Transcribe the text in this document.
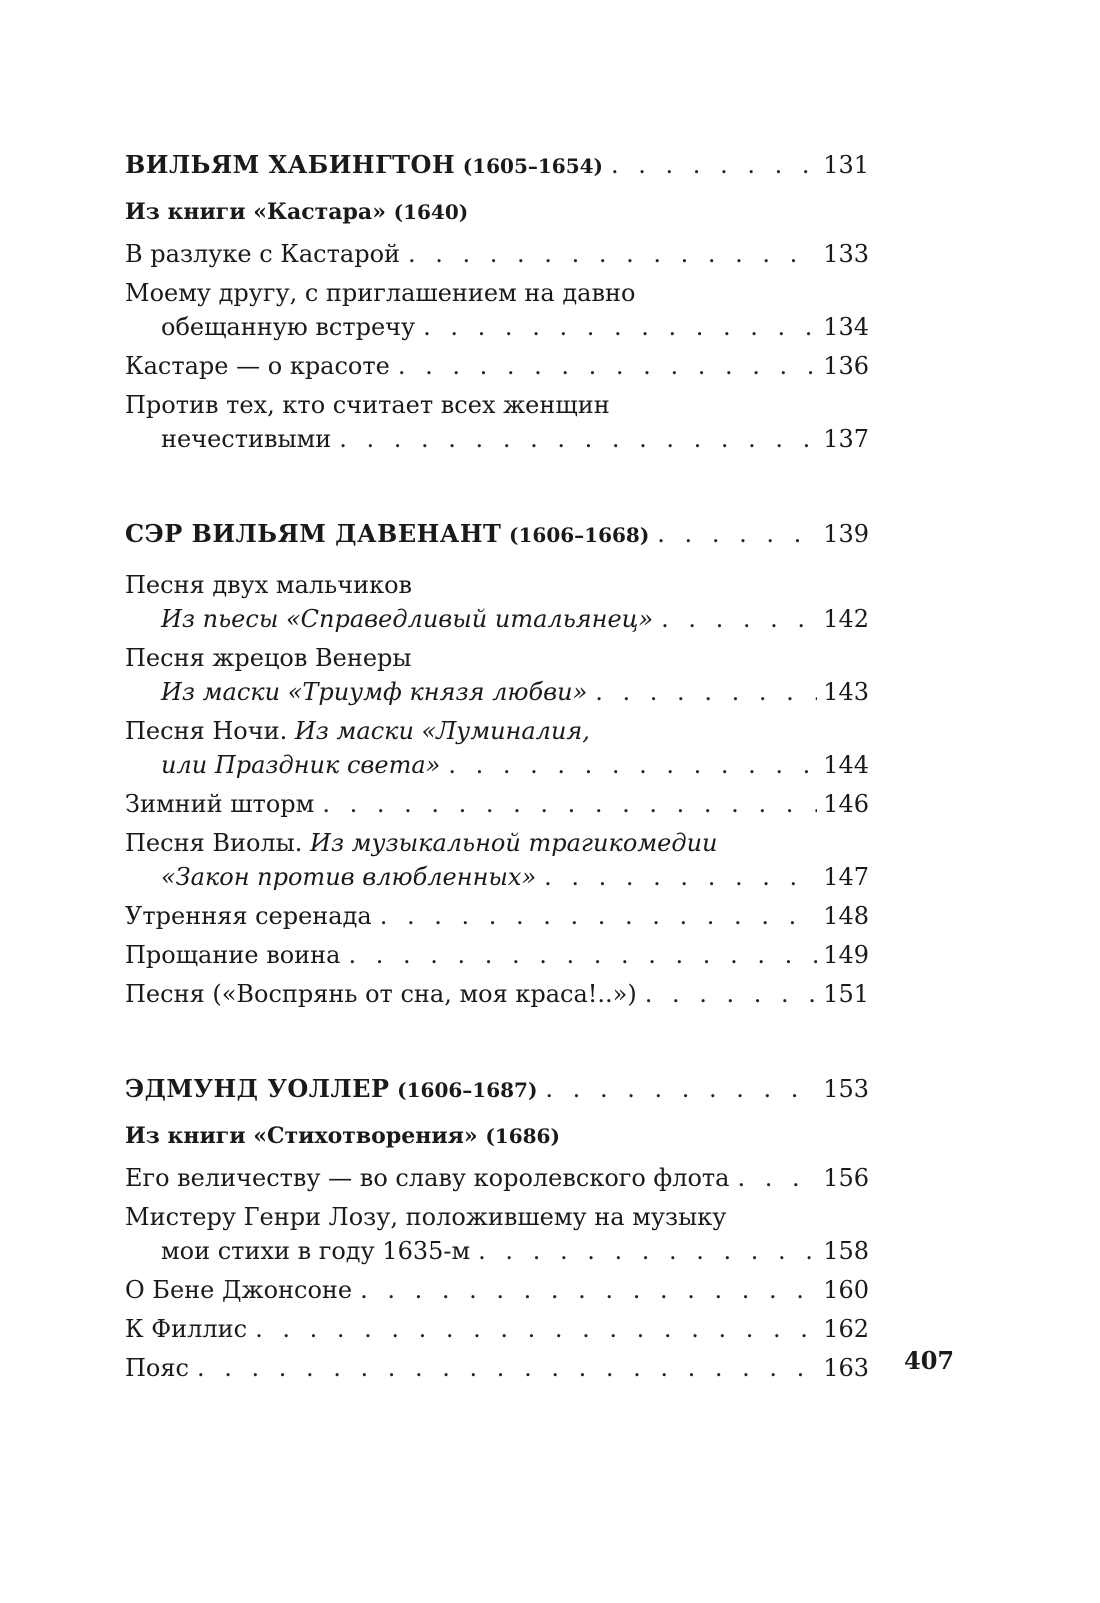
ВИЛЬЯМ ХАБИНГТОН (1605–1654) . . .	131
Из книги «Кастара» (1640)
В разлуке с Кастарой . . .	133
Моему другу, с приглашением на давно
обещанную встречу . . .	134
Кастаре — о красоте . . .	136
Против тех, кто считает всех женщин
нечестивыми . . .	137
СЭР ВИЛЬЯМ ДАВЕНАНТ (1606–1668) . . .	139
Песня двух мальчиков
Из пьесы «Справедливый итальянец» . . .	142
Песня жрецов Венеры
Из маски «Триумф князя любви» . . .	143
Песня Ночи. Из маски «Луминалия,
или Праздник света» . . .	144
Зимний шторм . . .	146
Песня Виолы. Из музыкальной трагикомедии
«Закон против влюбленных» . . .	147
Утренняя серенада . . .	148
Прощание воина . . .	149
Песня («Воспрянь от сна, моя краса!..») . . .	151
ЭДМУНД УОЛЛЕР (1606–1687) . . .	153
Из книги «Стихотворения» (1686)
Его величеству — во славу королевского флота . . .	156
Мистеру Генри Лозу, положившему на музыку
мои стихи в году 1635-м . . .	158
О Бене Джонсоне . . .	160
К Филлис . . .	162
Пояс . . .	163 407
